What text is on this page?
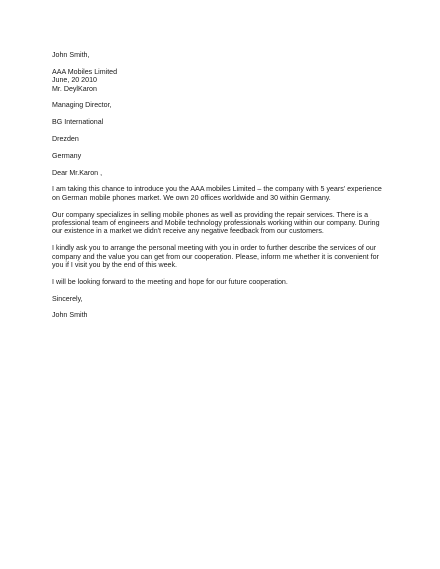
John Smith,
AAA Mobiles Limited
June, 20 2010
Mr. DeylKaron
Managing Director,
BG International
Drezden
Germany
Dear Mr.Karon ,
I am taking this chance to introduce you the AAA mobiles Limited – the company with 5 years' experience
on German mobile phones market. We own 20 offices worldwide and 30 within Germany.
Our company specializes in selling mobile phones as well as providing the repair services. There is a
professional team of engineers and Mobile technology professionals working within our company. During
our existence in a market we didn't receive any negative feedback from our customers.
I kindly ask you to arrange the personal meeting with you in order to further describe the services of our
company and the value you can get from our cooperation. Please, inform me whether it is convenient for
you if I visit you by the end of this week.
I will be looking forward to the meeting and hope for our future cooperation.
Sincerely,
John Smith
